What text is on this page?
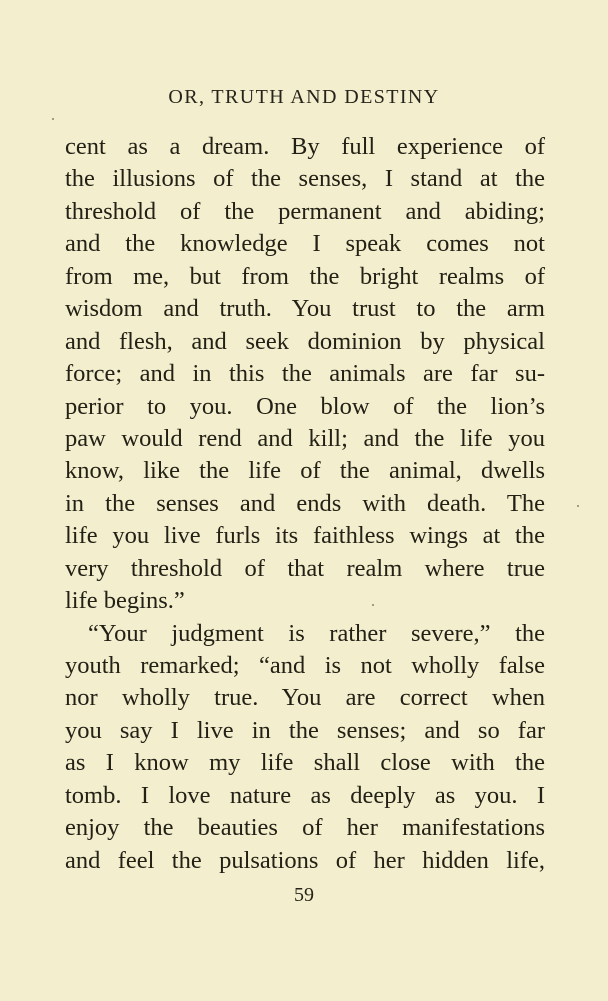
OR, TRUTH AND DESTINY
cent as a dream. By full experience of
the illusions of the senses, I stand at the
threshold of the permanent and abiding;
and the knowledge I speak comes not
from me, but from the bright realms of
wisdom and truth. You trust to the arm
and flesh, and seek dominion by physical
force; and in this the animals are far su-
perior to you. One blow of the lion’s
paw would rend and kill; and the life you
know, like the life of the animal, dwells
in the senses and ends with death. The
life you live furls its faithless wings at the
very threshold of that realm where true
life begins.”
“Your judgment is rather severe,” the
youth remarked; “and is not wholly false
nor wholly true. You are correct when
you say I live in the senses; and so far
as I know my life shall close with the
tomb. I love nature as deeply as you. I
enjoy the beauties of her manifestations
and feel the pulsations of her hidden life,
59
